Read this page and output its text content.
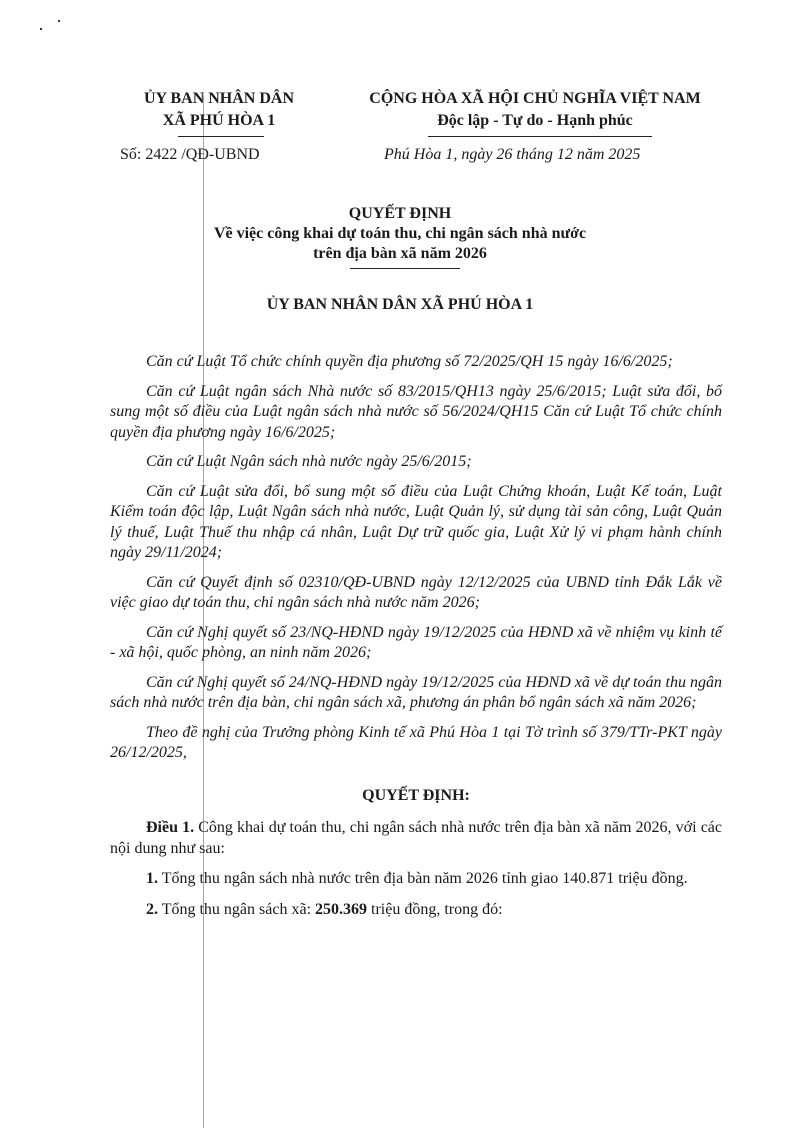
ỦY BAN NHÂN DÂN
XÃ PHÚ HÒA 1
CỘNG HÒA XÃ HỘI CHỦ NGHĨA VIỆT NAM
Độc lập - Tự do - Hạnh phúc
Số: 2422 /QĐ-UBND	Phú Hòa 1, ngày 26 tháng 12 năm 2025
QUYẾT ĐỊNH
Về việc công khai dự toán thu, chi ngân sách nhà nước
trên địa bàn xã năm 2026
ỦY BAN NHÂN DÂN XÃ PHÚ HÒA 1

Căn cứ Luật Tổ chức chính quyền địa phương số 72/2025/QH 15 ngày 16/6/2025;

Căn cứ Luật ngân sách Nhà nước số 83/2015/QH13 ngày 25/6/2015; Luật sửa đổi, bổ sung một số điều của Luật ngân sách nhà nước số 56/2024/QH15 Căn cứ Luật Tổ chức chính quyền địa phương ngày 16/6/2025;

Căn cứ Luật Ngân sách nhà nước ngày 25/6/2015;

Căn cứ Luật sửa đổi, bổ sung một số điều của Luật Chứng khoán, Luật Kế toán, Luật Kiểm toán độc lập, Luật Ngân sách nhà nước, Luật Quản lý, sử dụng tài sản công, Luật Quản lý thuế, Luật Thuế thu nhập cá nhân, Luật Dự trữ quốc gia, Luật Xử lý vi phạm hành chính ngày 29/11/2024;

Căn cứ Quyết định số 02310/QĐ-UBND ngày 12/12/2025 của UBND tỉnh Đắk Lắk về việc giao dự toán thu, chi ngân sách nhà nước năm 2026;

Căn cứ Nghị quyết số 23/NQ-HĐND ngày 19/12/2025 của HĐND xã về nhiệm vụ kinh tế - xã hội, quốc phòng, an ninh năm 2026;

Căn cứ Nghị quyết số 24/NQ-HĐND ngày 19/12/2025 của HĐND xã về dự toán thu ngân sách nhà nước trên địa bàn, chi ngân sách xã, phương án phân bổ ngân sách xã năm 2026;

Theo đề nghị của Trưởng phòng Kinh tế xã Phú Hòa 1 tại Tờ trình số 379/TTr-PKT ngày 26/12/2025,

QUYẾT ĐỊNH:

Điều 1. Công khai dự toán thu, chi ngân sách nhà nước trên địa bàn xã năm 2026, với các nội dung như sau:

1. Tổng thu ngân sách nhà nước trên địa bàn năm 2026 tỉnh giao 140.871 triệu đồng.

2. Tổng thu ngân sách xã: 250.369 triệu đồng, trong đó:
